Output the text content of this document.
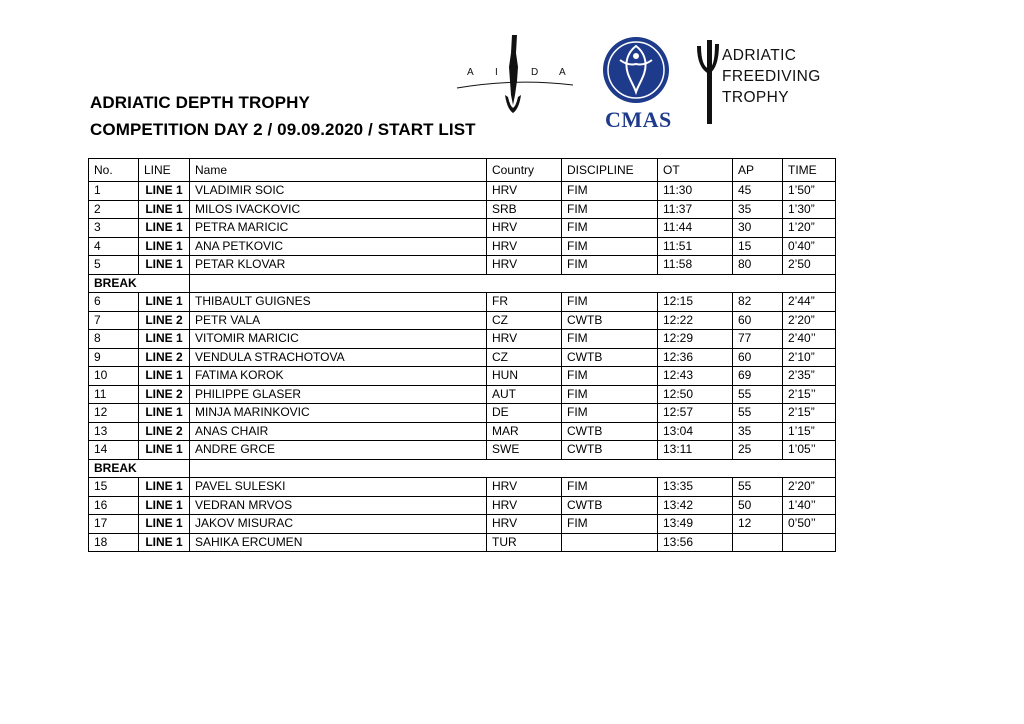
ADRIATIC DEPTH TROPHY
COMPETITION DAY 2 / 09.09.2020 / START LIST
A I	D A
CMAS
ADRIATIC
FREEDIVING
TROPHY
No.	LINE	Name	Country	DISCIPLINE	OT	AP	TIME
1	LINE 1	VLADIMIR SOIC	HRV	FIM	11:30	45	1’50”
2	LINE 1	MILOS IVACKOVIC	SRB	FIM	11:37	35	1’30”
3	LINE 1	PETRA MARICIC	HRV	FIM	11:44	30	1’20”
4	LINE 1	ANA PETKOVIC	HRV	FIM	11:51	15	0’40”
5	LINE 1	PETAR KLOVAR	HRV	FIM	11:58	80	2’50
BREAK							
6	LINE 1	THIBAULT GUIGNES	FR	FIM	12:15	82	2’44”
7	LINE 2	PETR VALA	CZ	CWTB	12:22	60	2’20”
8	LINE 1	VITOMIR MARICIC	HRV	FIM	12:29	77	2’40’’
9	LINE 2	VENDULA STRACHOTOVA	CZ	CWTB	12:36	60	2’10”
10	LINE 1	FATIMA KOROK	HUN	FIM	12:43	69	2’35”
11	LINE 2	PHILIPPE GLASER	AUT	FIM	12:50	55	2’15’’
12	LINE 1	MINJA MARINKOVIC	DE	FIM	12:57	55	2’15”
13	LINE 2	ANAS CHAIR	MAR	CWTB	13:04	35	1’15”
14	LINE 1	ANDRE GRCE	SWE	CWTB	13:11	25	1’05’’
BREAK							
15	LINE 1	PAVEL SULESKI	HRV	FIM	13:35	55	2’20”
16	LINE 1	VEDRAN MRVOS	HRV	CWTB	13:42	50	1’40’’
17	LINE 1	JAKOV MISURAC	HRV	FIM	13:49	12	0’50’’
18	LINE 1	SAHIKA ERCUMEN	TUR		13:56		
